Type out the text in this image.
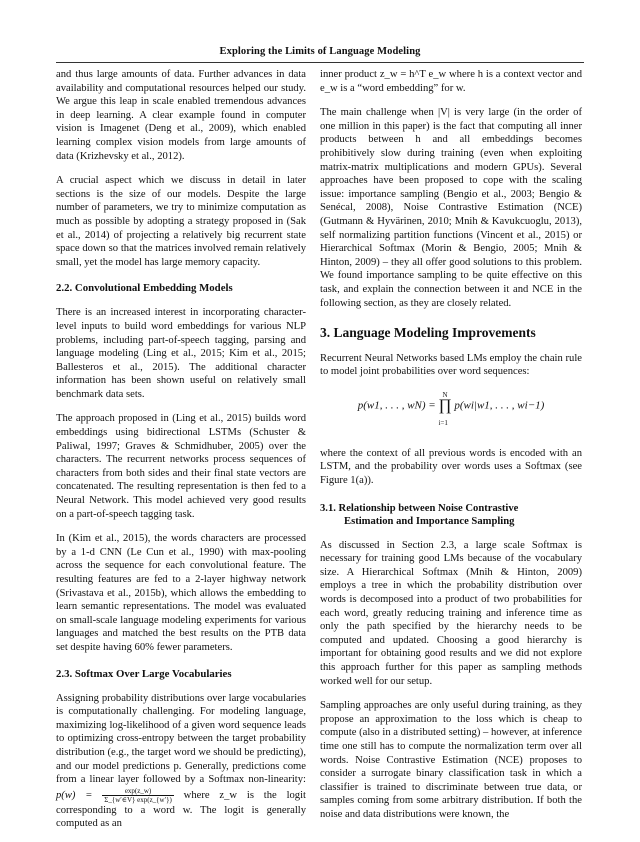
Exploring the Limits of Language Modeling

and thus large amounts of data. Further advances in data availability and computational resources helped our study. We argue this leap in scale enabled tremendous advances in deep learning. A clear example found in computer vision is Imagenet (Deng et al., 2009), which enabled learning complex vision models from large amounts of data (Krizhevsky et al., 2012).

A crucial aspect which we discuss in detail in later sections is the size of our models. Despite the large number of parameters, we try to minimize computation as much as possible by adopting a strategy proposed in (Sak et al., 2014) of projecting a relatively big recurrent state space down so that the matrices involved remain relatively small, yet the model has large memory capacity.

2.2. Convolutional Embedding Models

There is an increased interest in incorporating character-level inputs to build word embeddings for various NLP problems, including part-of-speech tagging, parsing and language modeling (Ling et al., 2015; Kim et al., 2015; Ballesteros et al., 2015). The additional character information has been shown useful on relatively small benchmark data sets.

The approach proposed in (Ling et al., 2015) builds word embeddings using bidirectional LSTMs (Schuster & Paliwal, 1997; Graves & Schmidhuber, 2005) over the characters. The recurrent networks process sequences of characters from both sides and their final state vectors are concatenated. The resulting representation is then fed to a Neural Network. This model achieved very good results on a part-of-speech tagging task.

In (Kim et al., 2015), the words characters are processed by a 1-d CNN (Le Cun et al., 1990) with max-pooling across the sequence for each convolutional feature. The resulting features are fed to a 2-layer highway network (Srivastava et al., 2015b), which allows the embedding to learn semantic representations. The model was evaluated on small-scale language modeling experiments for various languages and matched the best results on the PTB data set despite having 60% fewer parameters.

2.3. Softmax Over Large Vocabularies

Assigning probability distributions over large vocabularies is computationally challenging. For modeling language, maximizing log-likelihood of a given word sequence leads to optimizing cross-entropy between the target probability distribution (e.g., the target word we should be predicting), and our model predictions p. Generally, predictions come from a linear layer followed by a Softmax non-linearity: $p(w) = \frac{\exp(z\_w)}{\Sigma\_\{w'\in V\} \exp(z\_\{w'\})}$ where z_w is the logit corresponding to a word w. The logit is generally computed as an

inner product z_w = h^T e_w where h is a context vector and e_w is a “word embedding” for w.

The main challenge when |V| is very large (in the order of one million in this paper) is the fact that computing all inner products between h and all embeddings becomes prohibitively slow during training (even when exploiting matrix-matrix multiplications and modern GPUs). Several approaches have been proposed to cope with the scaling issue: importance sampling (Bengio et al., 2003; Bengio & Senécal, 2008), Noise Contrastive Estimation (NCE) (Gutmann & Hyvärinen, 2010; Mnih & Kavukcuoglu, 2013), self normalizing partition functions (Vincent et al., 2015) or Hierarchical Softmax (Morin & Bengio, 2005; Mnih & Hinton, 2009) – they all offer good solutions to this problem. We found importance sampling to be quite effective on this task, and explain the connection between it and NCE in the following section, as they are closely related.

3. Language Modeling Improvements

Recurrent Neural Networks based LMs employ the chain rule to model joint probabilities over word sequences:

p(w1, . . . , wN) =
N
∏
i=1
p(wi|w1, . . . , wi−1)

where the context of all previous words is encoded with an LSTM, and the probability over words uses a Softmax (see Figure 1(a)).

3.1. Relationship between Noise Contrastive
Estimation and Importance Sampling

As discussed in Section 2.3, a large scale Softmax is necessary for training good LMs because of the vocabulary size. A Hierarchical Softmax (Mnih & Hinton, 2009) employs a tree in which the probability distribution over words is decomposed into a product of two probabilities for each word, greatly reducing training and inference time as only the path specified by the hierarchy needs to be computed and updated. Choosing a good hierarchy is important for obtaining good results and we did not explore this approach further for this paper as sampling methods worked well for our setup.

Sampling approaches are only useful during training, as they propose an approximation to the loss which is cheap to compute (also in a distributed setting) – however, at inference time one still has to compute the normalization term over all words. Noise Contrastive Estimation (NCE) proposes to consider a surrogate binary classification task in which a classifier is trained to discriminate between true data, or samples coming from some arbitrary distribution. If both the noise and data distributions were known, the
